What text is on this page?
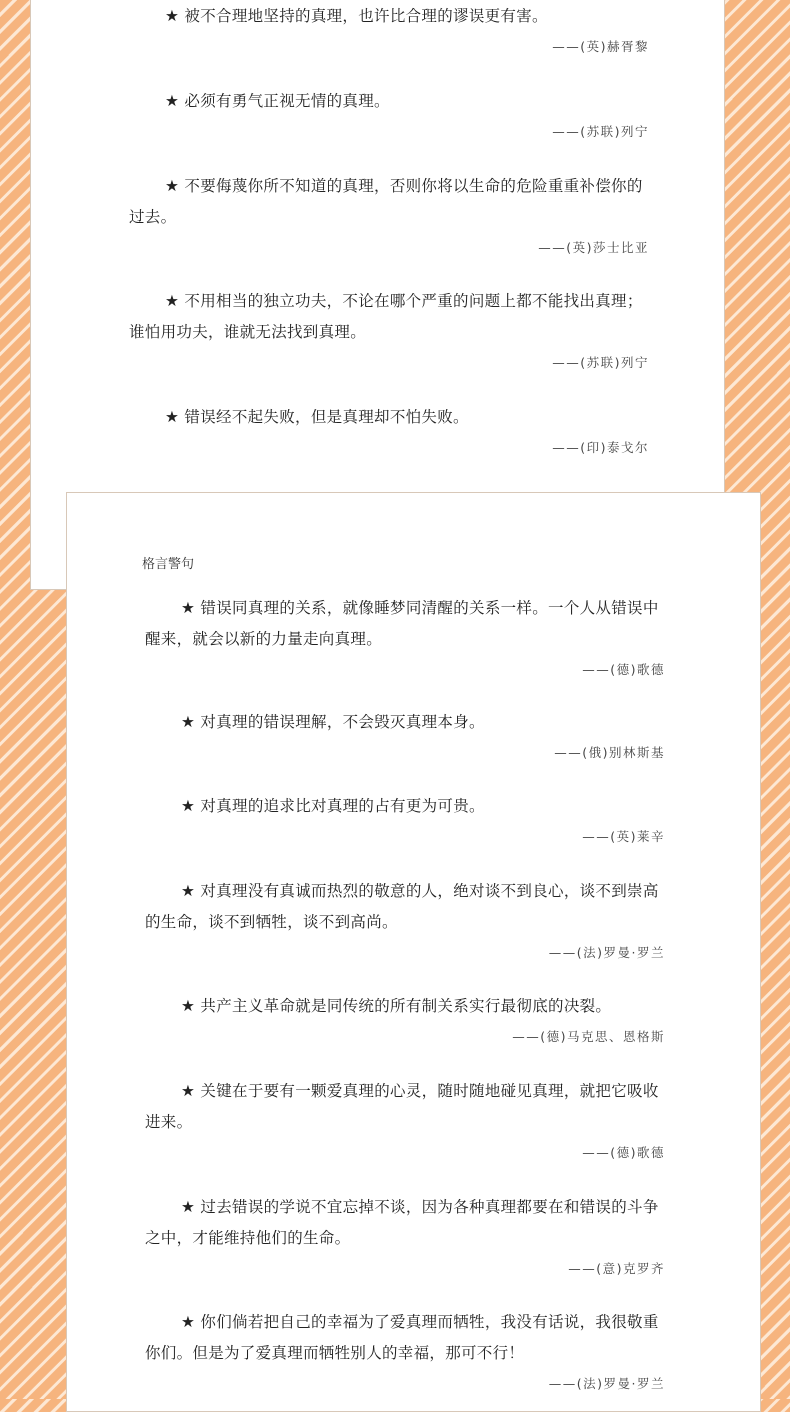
★ 被不合理地坚持的真理，也许比合理的谬误更有害。
——(英)赫胥黎
★ 必须有勇气正视无情的真理。
——(苏联)列宁
★ 不要侮蔑你所不知道的真理，否则你将以生命的危险重重补偿你的过去。
——(英)莎士比亚
★ 不用相当的独立功夫，不论在哪个严重的问题上都不能找出真理；谁怕用功夫，谁就无法找到真理。
——(苏联)列宁
★ 错误经不起失败，但是真理却不怕失败。
——(印)泰戈尔
格言警句
★ 错误同真理的关系，就像睡梦同清醒的关系一样。一个人从错误中醒来，就会以新的力量走向真理。
——(德)歌德
★ 对真理的错误理解，不会毁灭真理本身。
——(俄)别林斯基
★ 对真理的追求比对真理的占有更为可贵。
——(英)莱辛
★ 对真理没有真诚而热烈的敬意的人，绝对谈不到良心，谈不到崇高的生命，谈不到牺牲，谈不到高尚。
——(法)罗曼·罗兰
★ 共产主义革命就是同传统的所有制关系实行最彻底的决裂。
——(德)马克思、恩格斯
★ 关键在于要有一颗爱真理的心灵，随时随地碰见真理，就把它吸收进来。
——(德)歌德
★ 过去错误的学说不宜忘掉不谈，因为各种真理都要在和错误的斗争之中，才能维持他们的生命。
——(意)克罗齐
★ 你们倘若把自己的幸福为了爱真理而牺牲，我没有话说，我很敬重你们。但是为了爱真理而牺牲别人的幸福，那可不行！
——(法)罗曼·罗兰
